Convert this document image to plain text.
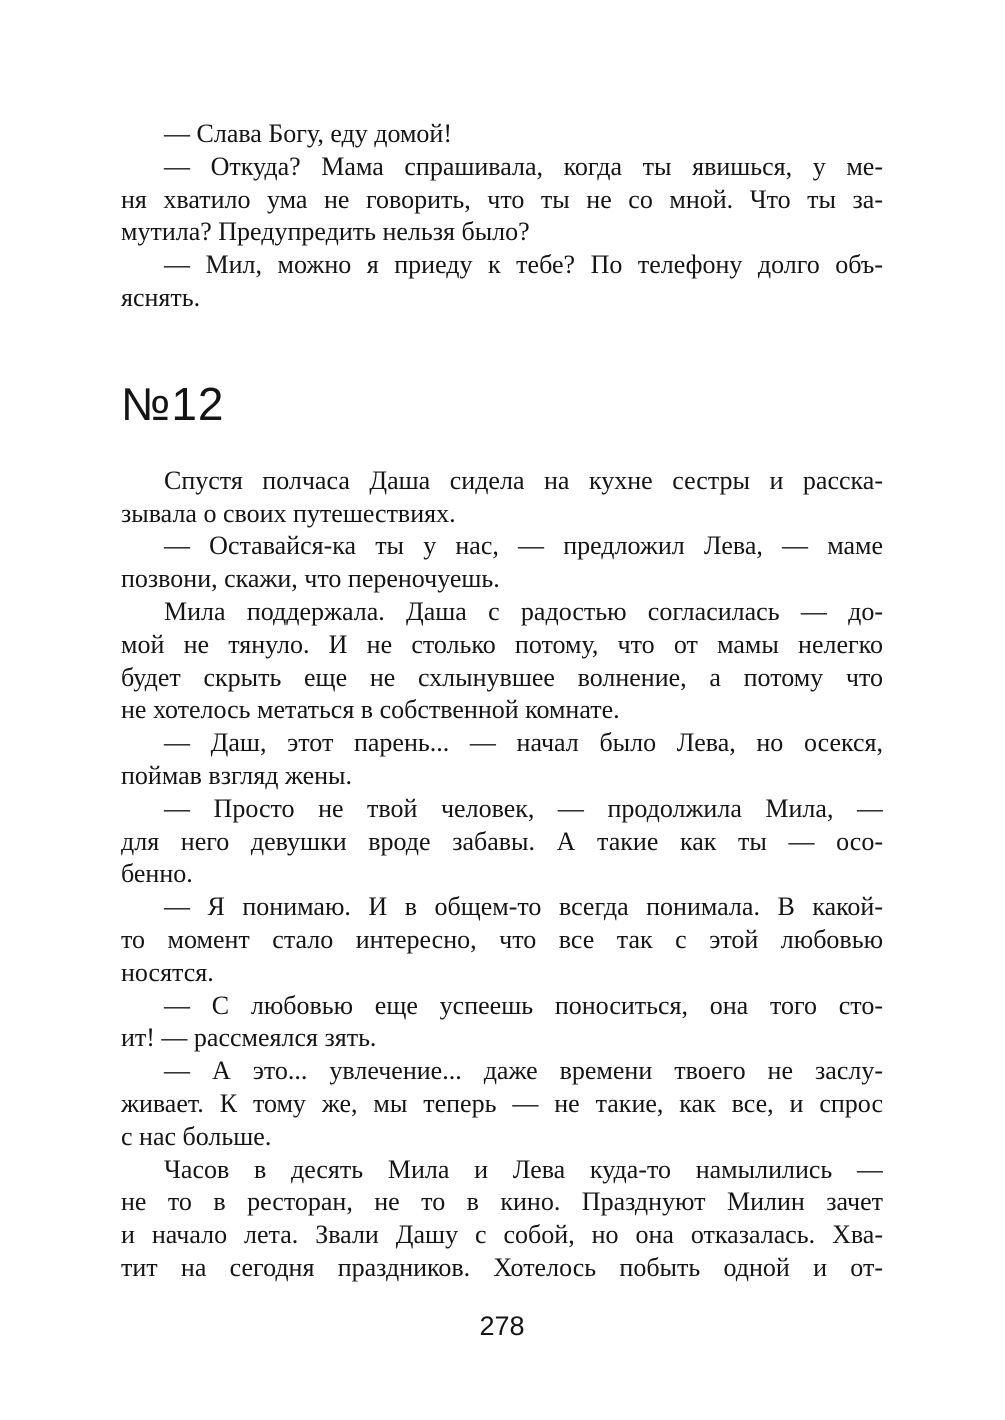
— Слава Богу, еду домой!
— Откуда? Мама спрашивала, когда ты явишься, у ме-
ня хватило ума не говорить, что ты не со мной. Что ты за-
мутила? Предупредить нельзя было?
— Мил, можно я приеду к тебе? По телефону долго объ-
яснять.
№12
Спустя полчаса Даша сидела на кухне сестры и расска-
зывала о своих путешествиях.
— Оставайся-ка ты у нас, — предложил Лева, — маме
позвони, скажи, что переночуешь.
Мила поддержала. Даша с радостью согласилась — до-
мой не тянуло. И не столько потому, что от мамы нелегко
будет скрыть еще не схлынувшее волнение, а потому что
не хотелось метаться в собственной комнате.
— Даш, этот парень... — начал было Лева, но осекся,
поймав взгляд жены.
— Просто не твой человек, — продолжила Мила, —
для него девушки вроде забавы. А такие как ты — осо-
бенно.
— Я понимаю. И в общем-то всегда понимала. В какой-
то момент стало интересно, что все так с этой любовью
носятся.
— С любовью еще успеешь поноситься, она того сто-
ит! — рассмеялся зять.
— А это... увлечение... даже времени твоего не заслу-
живает. К тому же, мы теперь — не такие, как все, и спрос
с нас больше.
Часов в десять Мила и Лева куда-то намылились —
не то в ресторан, не то в кино. Празднуют Милин зачет
и начало лета. Звали Дашу с собой, но она отказалась. Хва-
тит на сегодня праздников. Хотелось побыть одной и от-
278
